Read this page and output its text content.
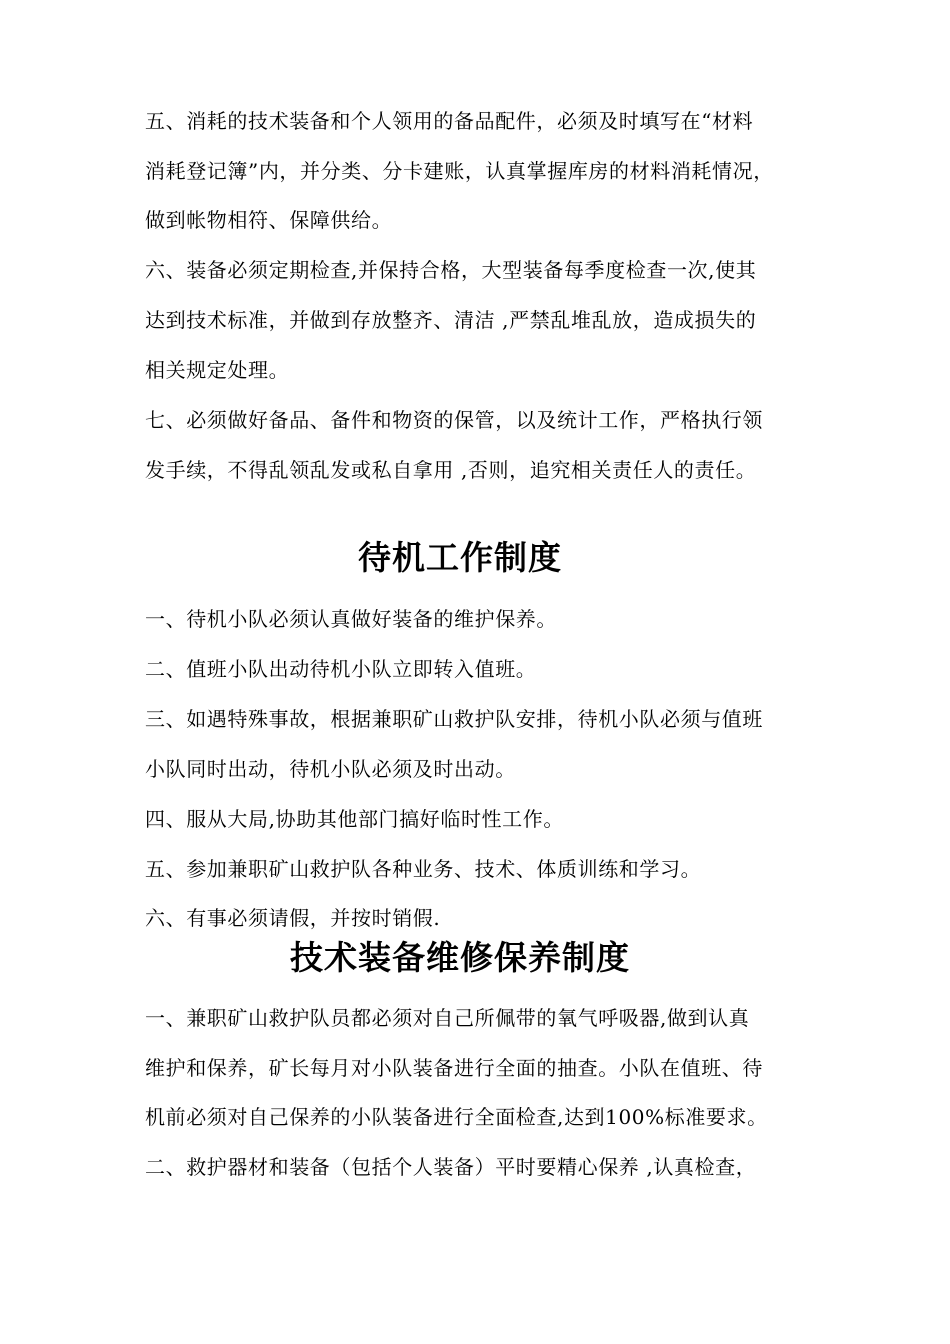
五、消耗的技术装备和个人领用的备品配件，必须及时填写在“材料
消耗登记簿”内，并分类、分卡建账，认真掌握库房的材料消耗情况，
做到帐物相符、保障供给。
六、装备必须定期检查,并保持合格，大型装备每季度检查一次,使其
达到技术标准，并做到存放整齐、清洁 ,严禁乱堆乱放，造成损失的
相关规定处理。
七、必须做好备品、备件和物资的保管，以及统计工作，严格执行领
发手续，不得乱领乱发或私自拿用 ,否则，追究相关责任人的责任。
待机工作制度
一、待机小队必须认真做好装备的维护保养。
二、值班小队出动待机小队立即转入值班。
三、如遇特殊事故，根据兼职矿山救护队安排，待机小队必须与值班
小队同时出动，待机小队必须及时出动。
四、服从大局,协助其他部门搞好临时性工作。
五、参加兼职矿山救护队各种业务、技术、体质训练和学习。
六、有事必须请假，并按时销假.
技术装备维修保养制度
一、兼职矿山救护队员都必须对自己所佩带的氧气呼吸器,做到认真
维护和保养，矿长每月对小队装备进行全面的抽查。小队在值班、待
机前必须对自己保养的小队装备进行全面检查,达到100%标准要求。
二、救护器材和装备（包括个人装备）平时要精心保养 ,认真检查，
